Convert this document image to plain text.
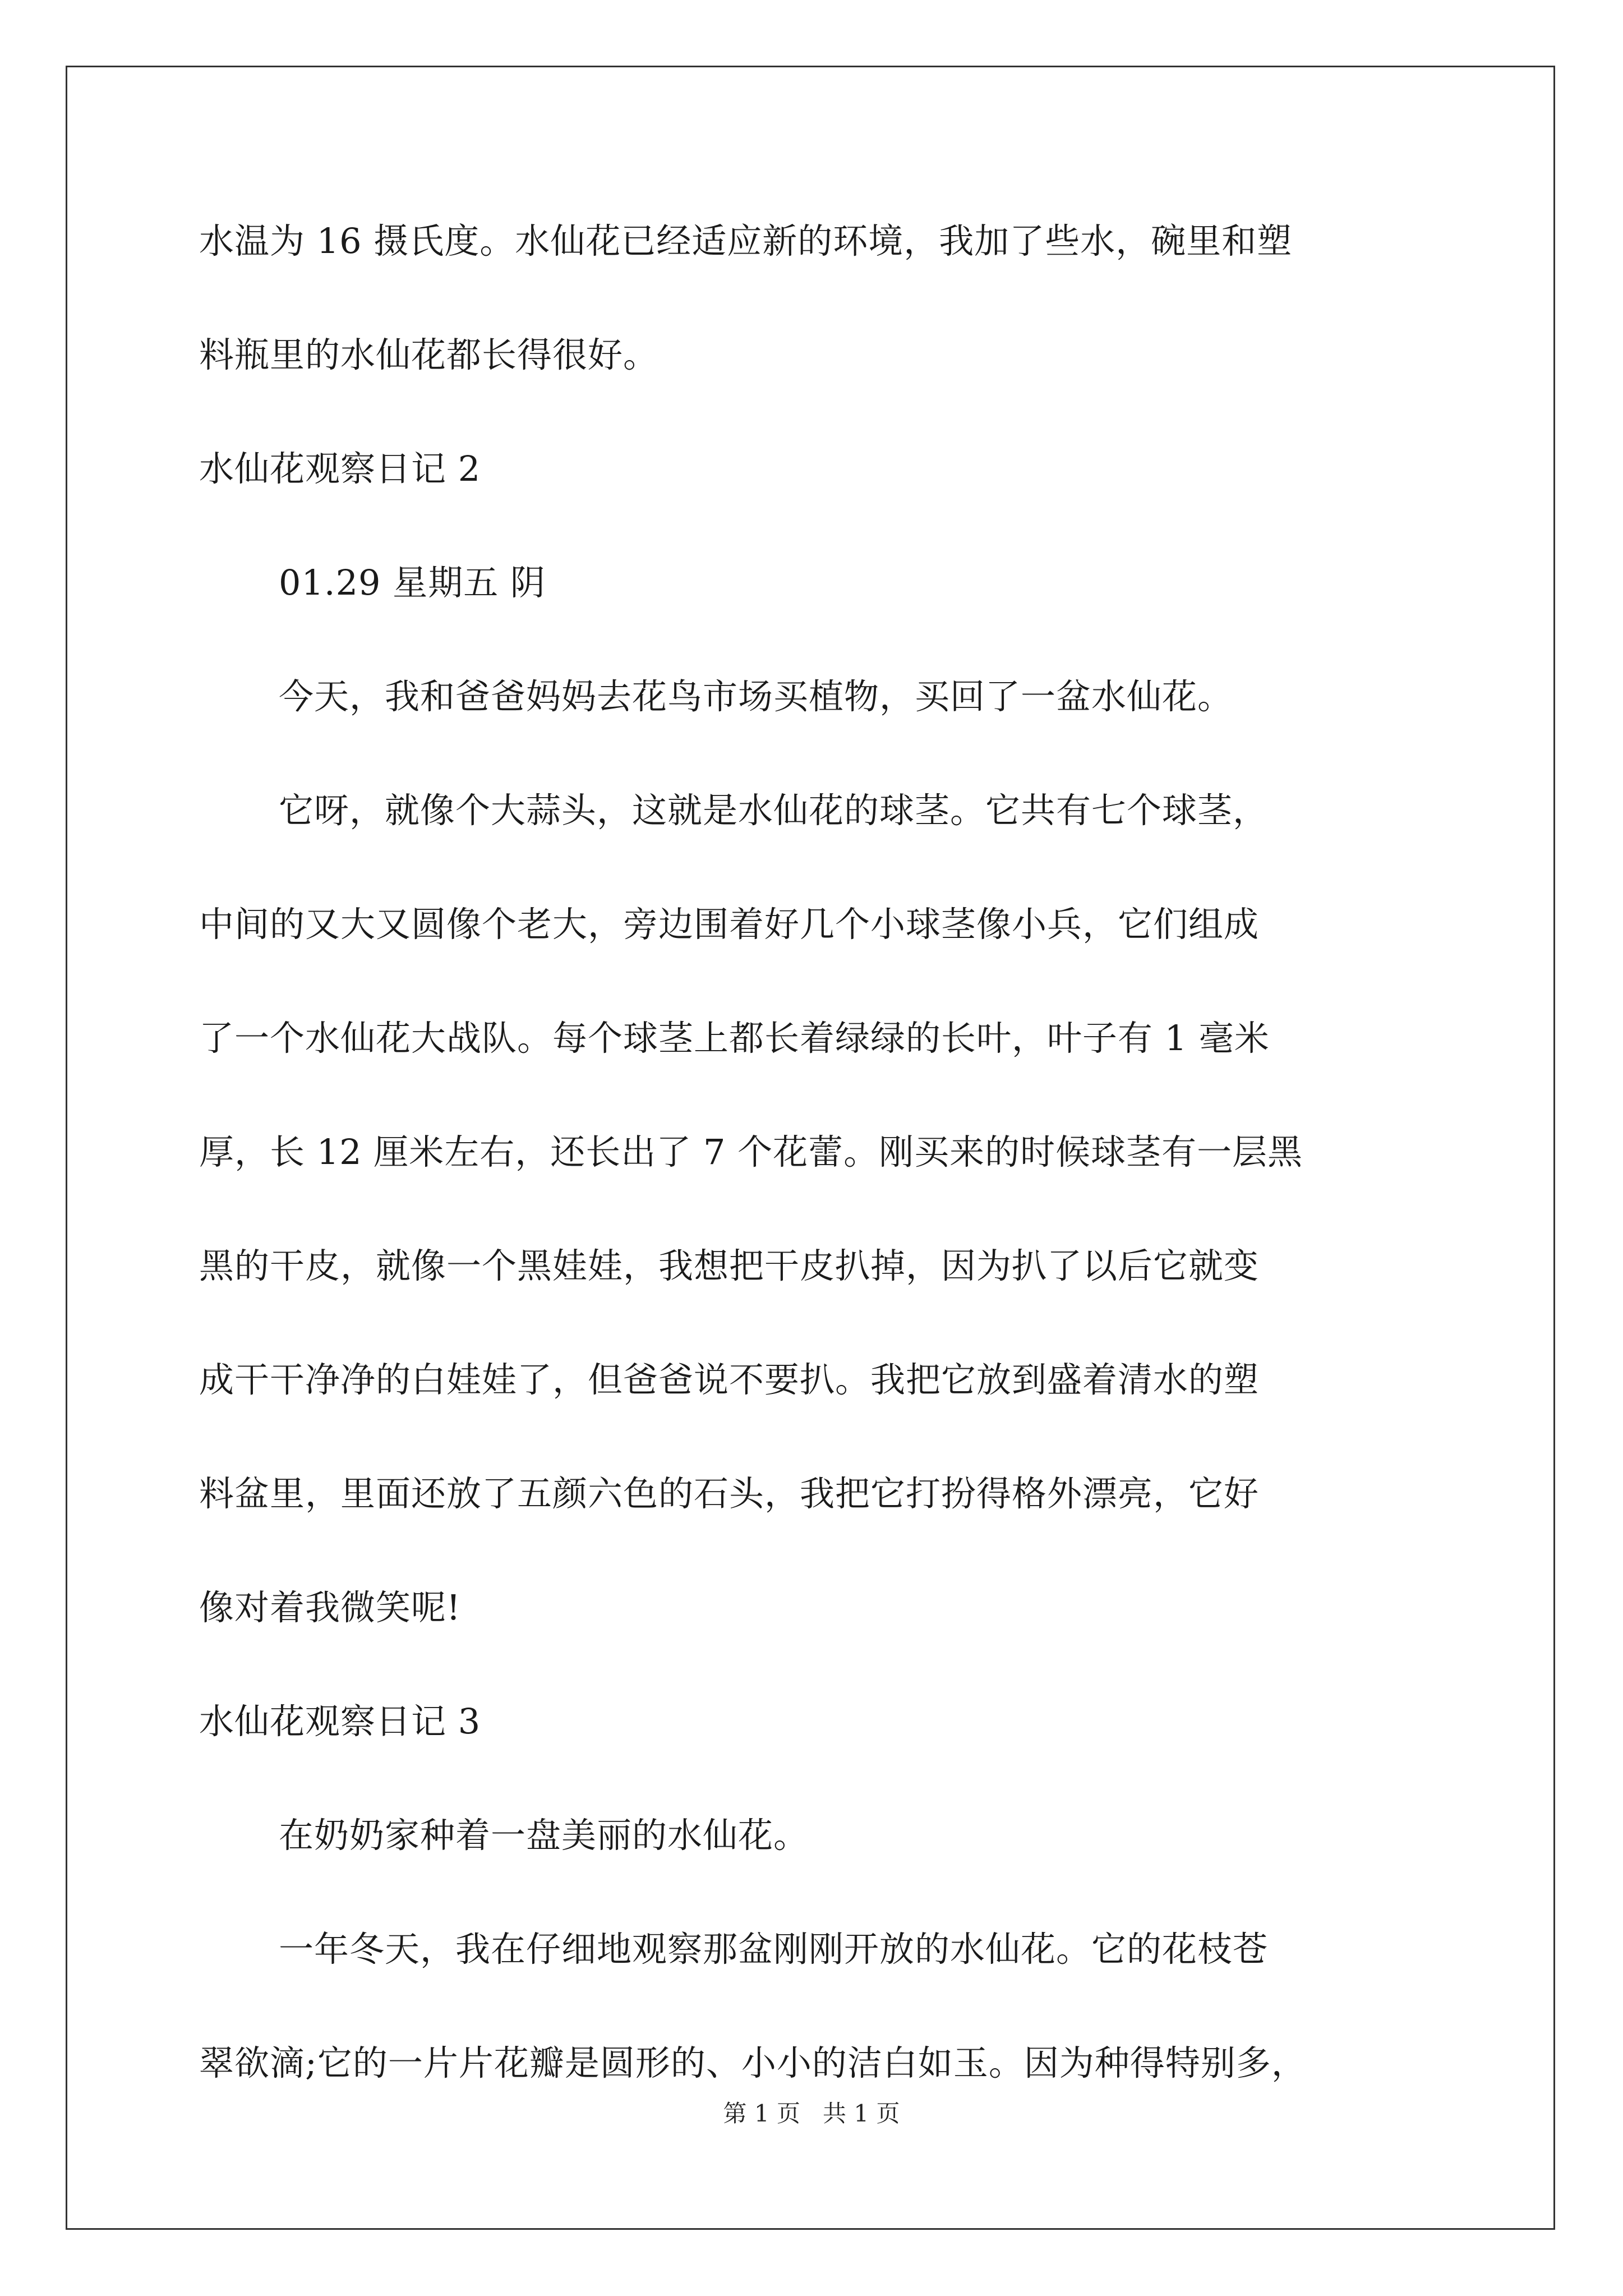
水温为 16 摄氏度。水仙花已经适应新的环境，我加了些水，碗里和塑
料瓶里的水仙花都长得很好。
水仙花观察日记 2
01.29 星期五 阴
今天，我和爸爸妈妈去花鸟市场买植物，买回了一盆水仙花。
它呀，就像个大蒜头，这就是水仙花的球茎。它共有七个球茎，
中间的又大又圆像个老大，旁边围着好几个小球茎像小兵，它们组成
了一个水仙花大战队。每个球茎上都长着绿绿的长叶，叶子有 1 毫米
厚，长 12 厘米左右，还长出了 7 个花蕾。刚买来的时候球茎有一层黑
黑的干皮，就像一个黑娃娃，我想把干皮扒掉，因为扒了以后它就变
成干干净净的白娃娃了，但爸爸说不要扒。我把它放到盛着清水的塑
料盆里，里面还放了五颜六色的石头，我把它打扮得格外漂亮，它好
像对着我微笑呢!
水仙花观察日记 3
在奶奶家种着一盘美丽的水仙花。
一年冬天，我在仔细地观察那盆刚刚开放的水仙花。它的花枝苍
翠欲滴;它的一片片花瓣是圆形的、小小的洁白如玉。因为种得特别多，
第 1 页   共 1 页
